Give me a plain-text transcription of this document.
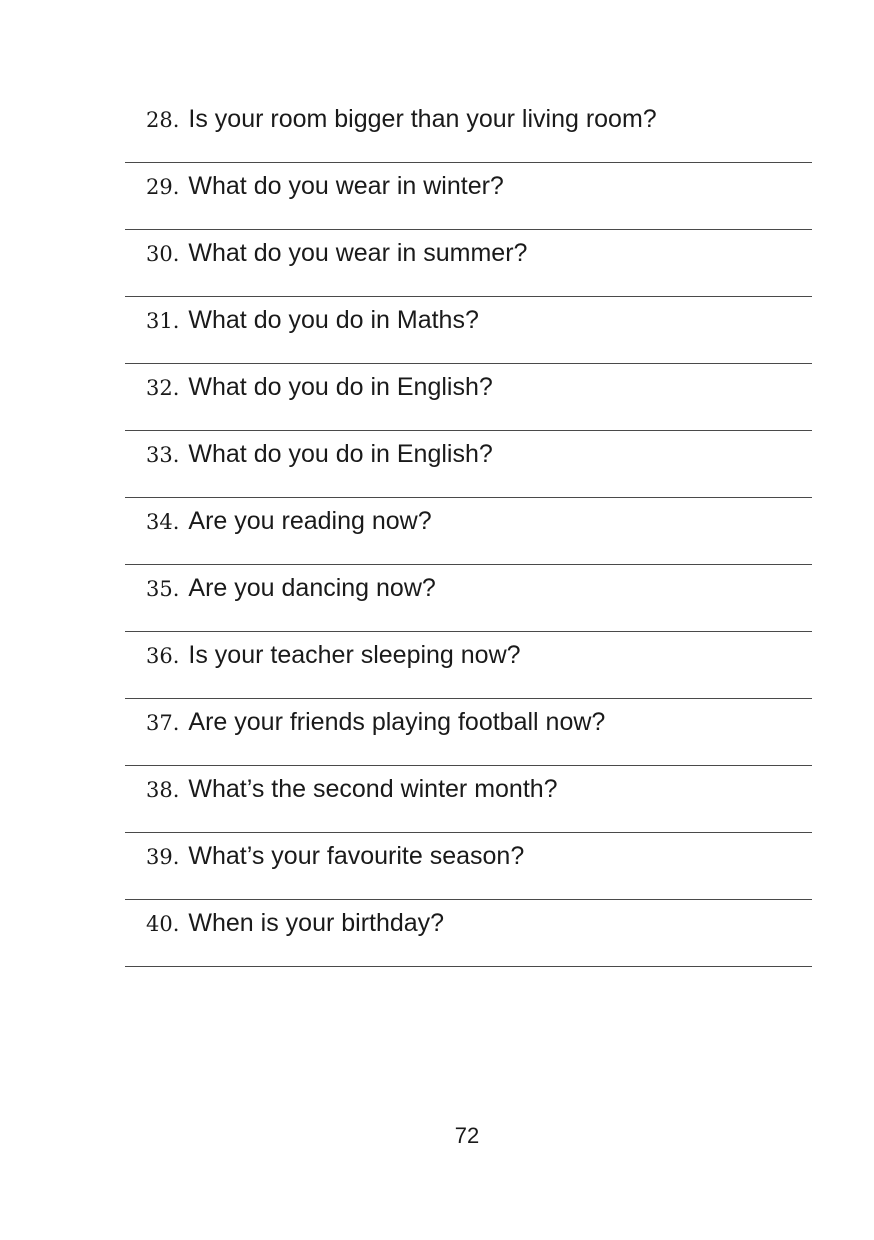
28. Is your room bigger than your living room?
29. What do you wear in winter?
30. What do you wear in summer?
31. What do you do in Maths?
32. What do you do in English?
33. What do you do in English?
34. Are you reading now?
35. Are you dancing now?
36. Is your teacher sleeping now?
37. Are your friends playing football now?
38. What’s the second winter month?
39. What’s your favourite season?
40. When is your birthday?
72
